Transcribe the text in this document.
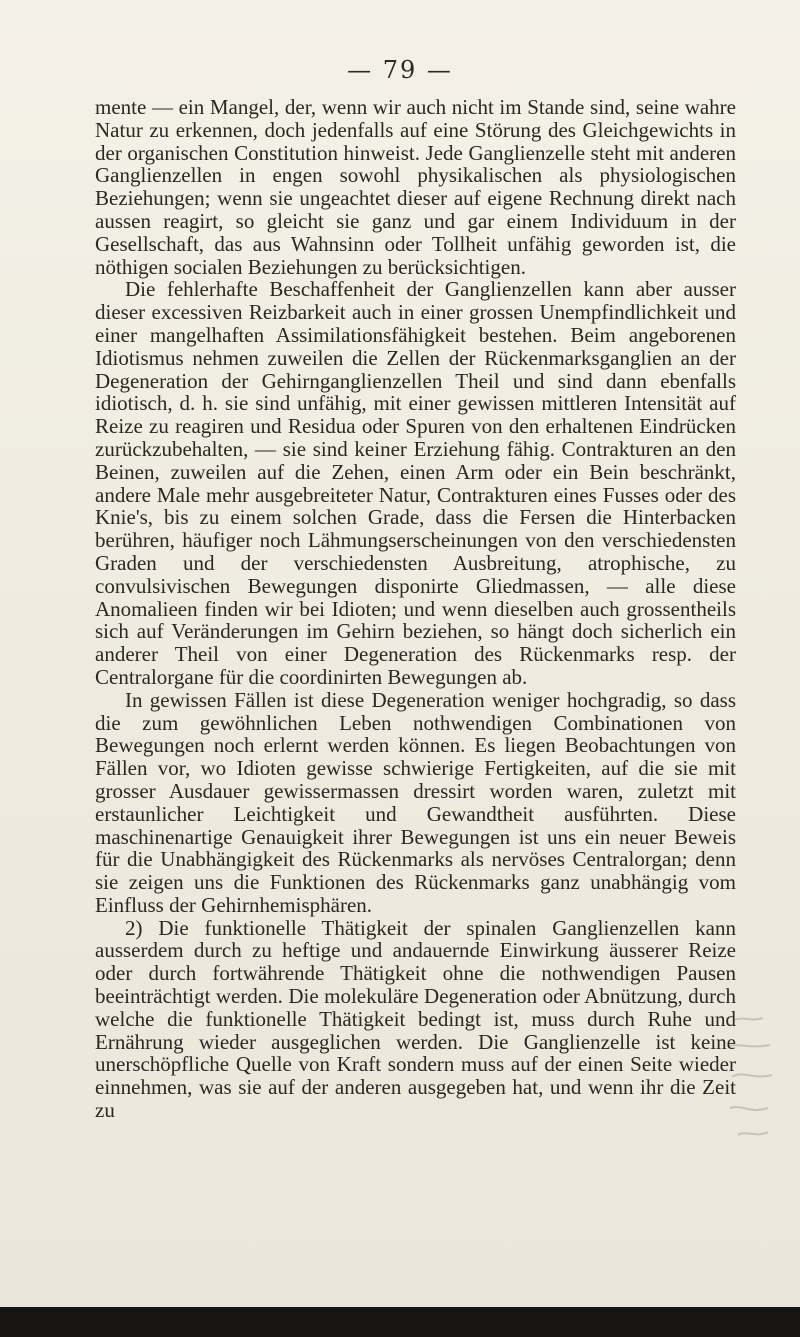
— 79 —

mente — ein Mangel, der, wenn wir auch nicht im Stande sind, seine wahre Natur zu erkennen, doch jedenfalls auf eine Störung des Gleichgewichts in der organischen Constitution hinweist. Jede Ganglienzelle steht mit anderen Ganglienzellen in engen sowohl physikalischen als physiologischen Beziehungen; wenn sie ungeachtet dieser auf eigene Rechnung direkt nach aussen reagirt, so gleicht sie ganz und gar einem Individuum in der Gesellschaft, das aus Wahnsinn oder Tollheit unfähig geworden ist, die nöthigen socialen Beziehungen zu berücksichtigen.

Die fehlerhafte Beschaffenheit der Ganglienzellen kann aber ausser dieser excessiven Reizbarkeit auch in einer grossen Unempfindlichkeit und einer mangelhaften Assimilationsfähigkeit bestehen. Beim angeborenen Idiotismus nehmen zuweilen die Zellen der Rückenmarksganglien an der Degeneration der Gehirnganglienzellen Theil und sind dann ebenfalls idiotisch, d. h. sie sind unfähig, mit einer gewissen mittleren Intensität auf Reize zu reagiren und Residua oder Spuren von den erhaltenen Eindrücken zurückzubehalten, — sie sind keiner Erziehung fähig. Contrakturen an den Beinen, zuweilen auf die Zehen, einen Arm oder ein Bein beschränkt, andere Male mehr ausgebreiteter Natur, Contrakturen eines Fusses oder des Knie's, bis zu einem solchen Grade, dass die Fersen die Hinterbacken berühren, häufiger noch Lähmungserscheinungen von den verschiedensten Graden und der verschiedensten Ausbreitung, atrophische, zu convulsivischen Bewegungen disponirte Gliedmassen, — alle diese Anomalieen finden wir bei Idioten; und wenn dieselben auch grossentheils sich auf Veränderungen im Gehirn beziehen, so hängt doch sicherlich ein anderer Theil von einer Degeneration des Rückenmarks resp. der Centralorgane für die coordinirten Bewegungen ab.

In gewissen Fällen ist diese Degeneration weniger hochgradig, so dass die zum gewöhnlichen Leben nothwendigen Combinationen von Bewegungen noch erlernt werden können. Es liegen Beobachtungen von Fällen vor, wo Idioten gewisse schwierige Fertigkeiten, auf die sie mit grosser Ausdauer gewissermassen dressirt worden waren, zuletzt mit erstaunlicher Leichtigkeit und Gewandtheit ausführten. Diese maschinenartige Genauigkeit ihrer Bewegungen ist uns ein neuer Beweis für die Unabhängigkeit des Rückenmarks als nervöses Centralorgan; denn sie zeigen uns die Funktionen des Rückenmarks ganz unabhängig vom Einfluss der Gehirnhemisphären.

2) Die funktionelle Thätigkeit der spinalen Ganglienzellen kann ausserdem durch zu heftige und andauernde Einwirkung äusserer Reize oder durch fortwährende Thätigkeit ohne die nothwendigen Pausen beeinträchtigt werden. Die molekuläre Degeneration oder Abnützung, durch welche die funktionelle Thätigkeit bedingt ist, muss durch Ruhe und Ernährung wieder ausgeglichen werden. Die Ganglienzelle ist keine unerschöpfliche Quelle von Kraft sondern muss auf der einen Seite wieder einnehmen, was sie auf der anderen ausgegeben hat, und wenn ihr die Zeit zu
